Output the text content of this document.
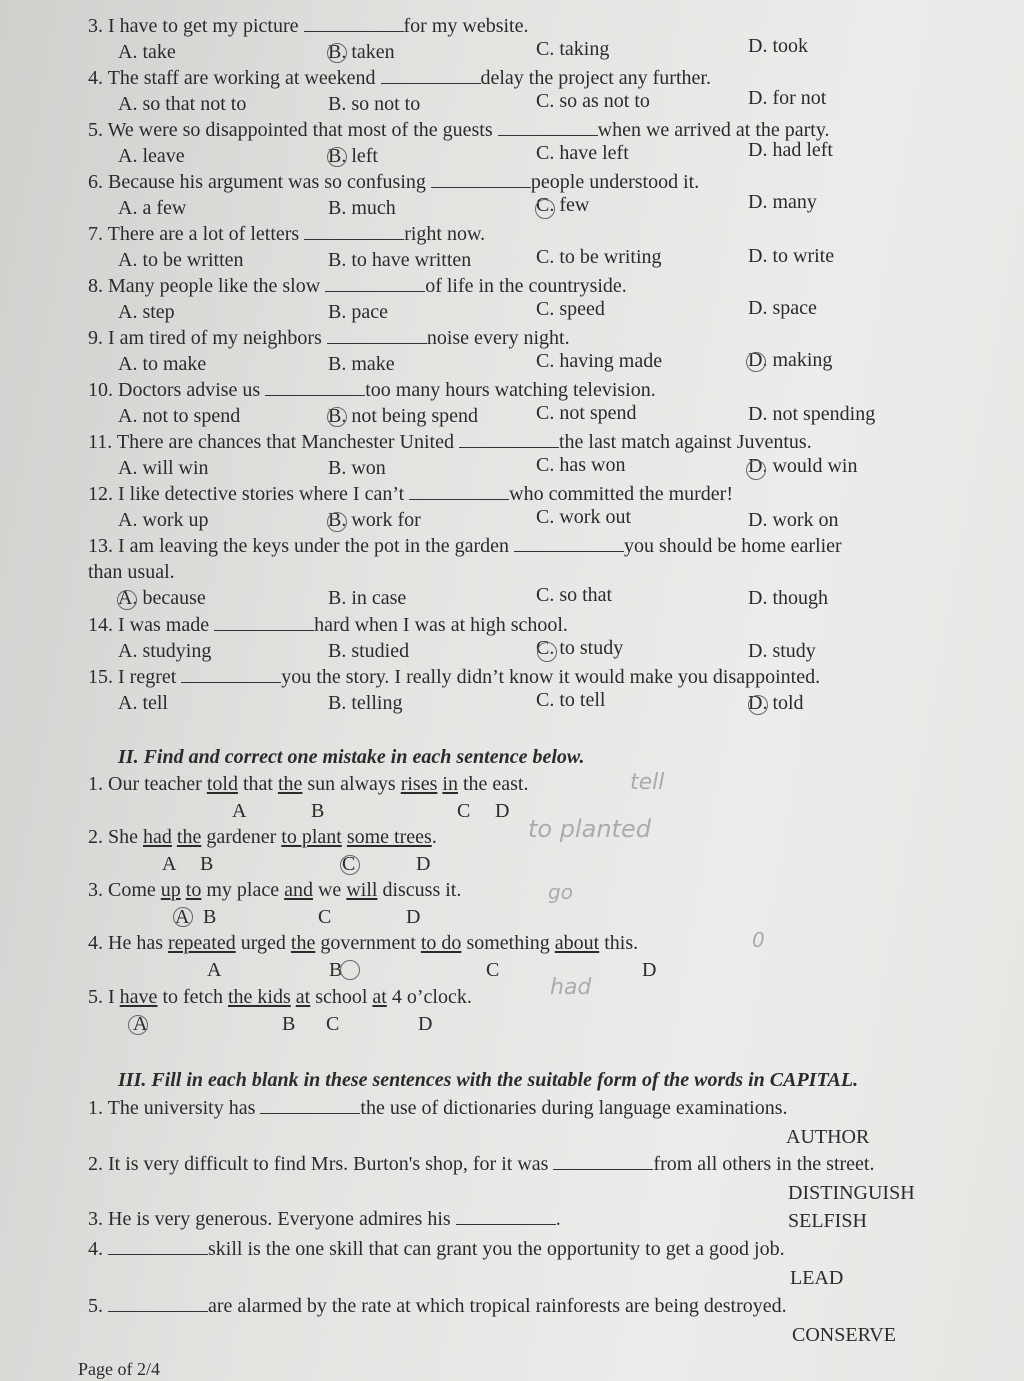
3. I have to get my picture	for my website.
A. take	B. taken	C. taking	D. took
4. The staff are working at weekend	delay the project any further.
A. so that not to	B. so not to	C. so as not to	D. for not
5. We were so disappointed that most of the guests	when we arrived at the party.
A. leave	B. left	C. have left	D. had left
6. Because his argument was so confusing	people understood it.
A. a few	B. much	C. few	D. many
7. There are a lot of letters	right now.
A. to be written	B. to have written	C. to be writing	D. to write
8. Many people like the slow	of life in the countryside.
A. step	B. pace	C. speed	D. space
9. I am tired of my neighbors	noise every night.
A. to make	B. make	C. having made	D. making
10. Doctors advise us	too many hours watching television.
A. not to spend	B. not being spend	C. not spend	D. not spending
11. There are chances that Manchester United	the last match against Juventus.
A. will win	B. won	C. has won	D. would win
12. I like detective stories where I can’t	who committed the murder!
A. work up	B. work for	C. work out	D. work on
13. I am leaving the keys under the pot in the garden	you should be home earlier
than usual.
A. because	B. in case	C. so that	D. though
14. I was made	hard when I was at high school.
A. studying	B. studied	C. to study	D. study
15. I regret	you the story. I really didn’t know it would make you disappointed.
A. tell	B. telling	C. to tell	D. told
II. Find and correct one mistake in each sentence below.
1. Our teacher told that the sun always rises in the east.
2. She had the gardener to plant some trees.
3. Come up to my place and we will discuss it.
4. He has repeated urged the government to do something about this.
5. I have to fetch the kids at school at 4 o’clock.
A	B	C D
A B	C	D
A B	C	D
A	B	C	D
A	B C	D
tell
to planted
go
0
had
III. Fill in each blank in these sentences with the suitable form of the words in CAPITAL.
1. The university has	the use of dictionaries during language examinations.
AUTHOR
2. It is very difficult to find Mrs. Burton's shop, for it was	from all others in the street.
DISTINGUISH
3. He is very generous. Everyone admires his	.	SELFISH
4.	skill is the one skill that can grant you the opportunity to get a good job.
LEAD
5.	are alarmed by the rate at which tropical rainforests are being destroyed.
CONSERVE
Page of 2/4
